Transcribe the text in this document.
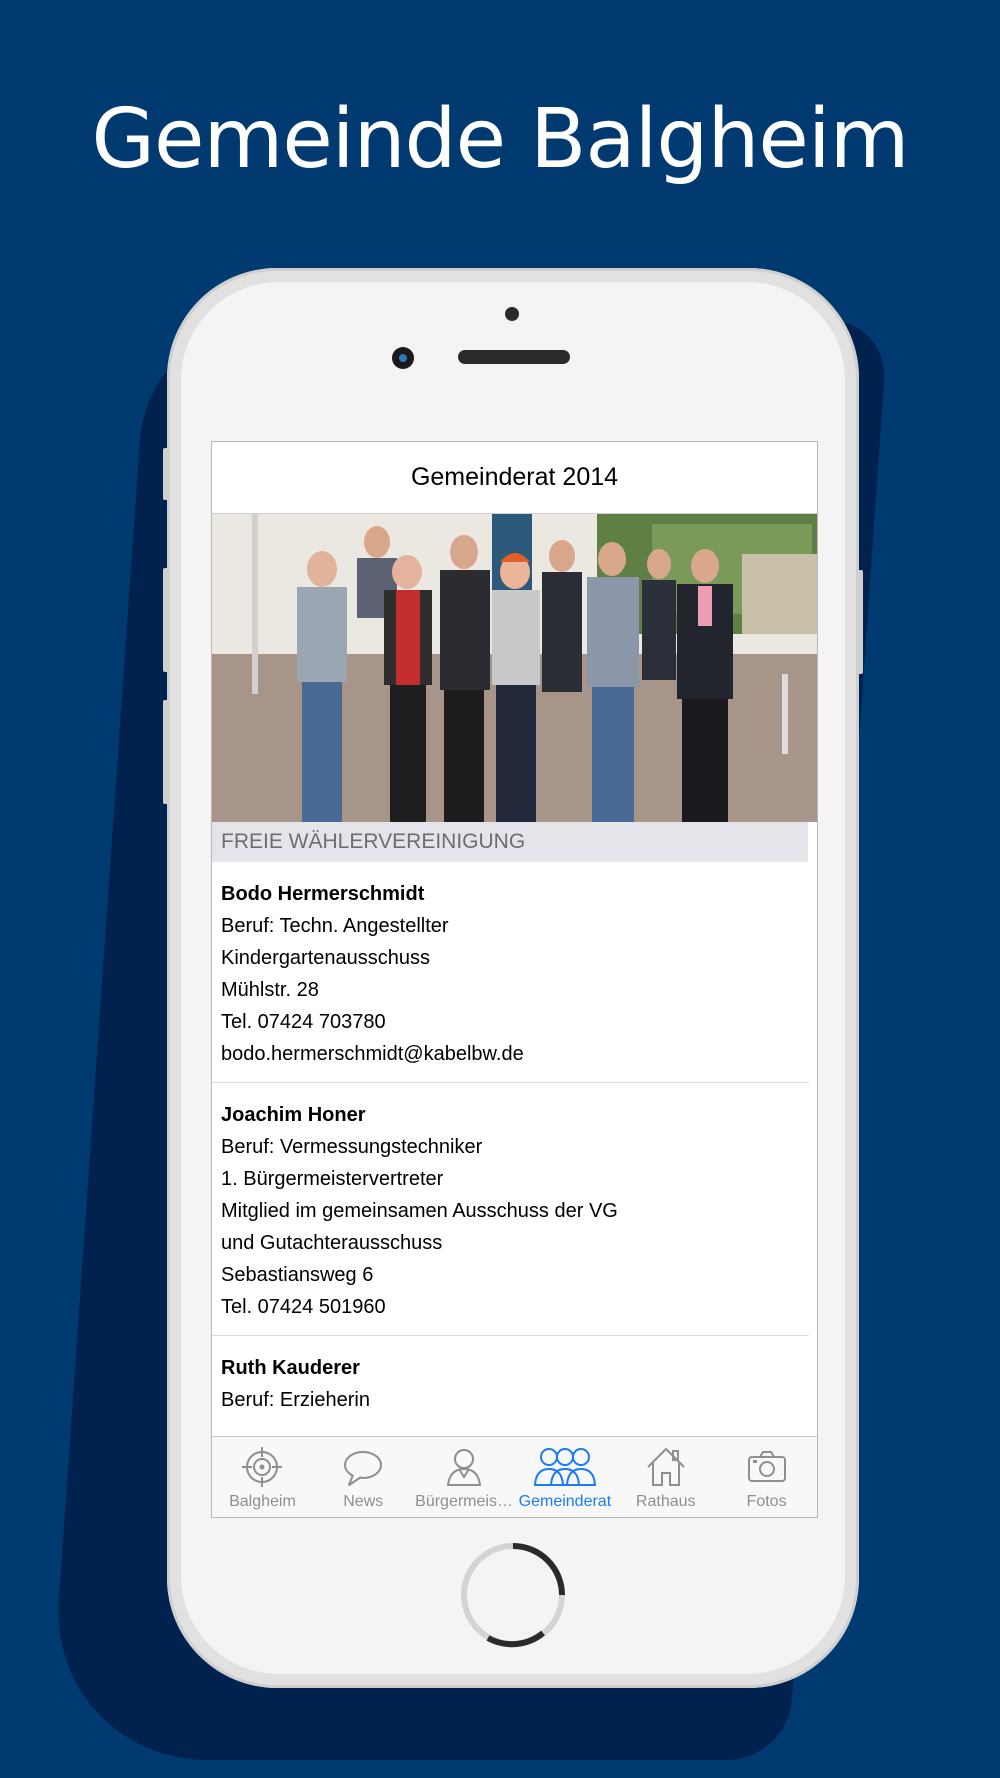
Gemeinde Balgheim
Gemeinderat 2014
FREIE WÄHLERVEREINIGUNG
Bodo Hermerschmidt
Beruf: Techn. Angestellter
Kindergartenausschuss
Mühlstr. 28
Tel. 07424 703780
bodo.hermerschmidt@kabelbw.de
Joachim Honer
Beruf: Vermessungstechniker
1. Bürgermeistervertreter
Mitglied im gemeinsamen Ausschuss der VG
und Gutachterausschuss
Sebastiansweg 6
Tel. 07424 501960
Ruth Kauderer
Beruf: Erzieherin
Balgheim	News Bürgermeis… Gemeinderat Rathaus	Fotos
